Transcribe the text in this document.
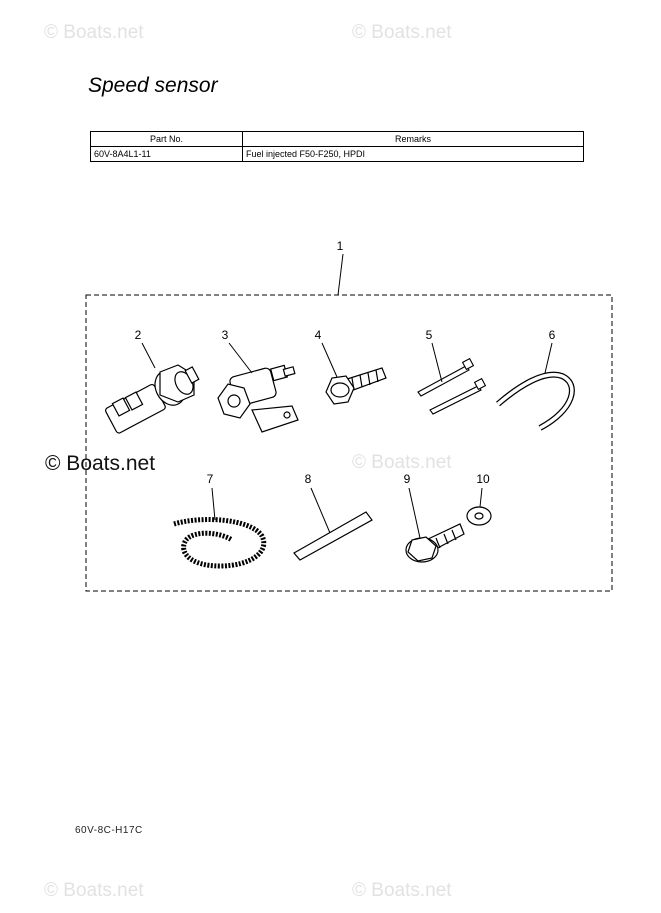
© Boats.net	© Boats.net
© Boats.net
© Boats.net	© Boats.net
Speed sensor
Part No.	Remarks
60V-8A4L1-11	Fuel injected F50-F250, HPDI
1
2	3	4	5	6
7	8	9	10
© Boats.net
60V-8C-H17C
